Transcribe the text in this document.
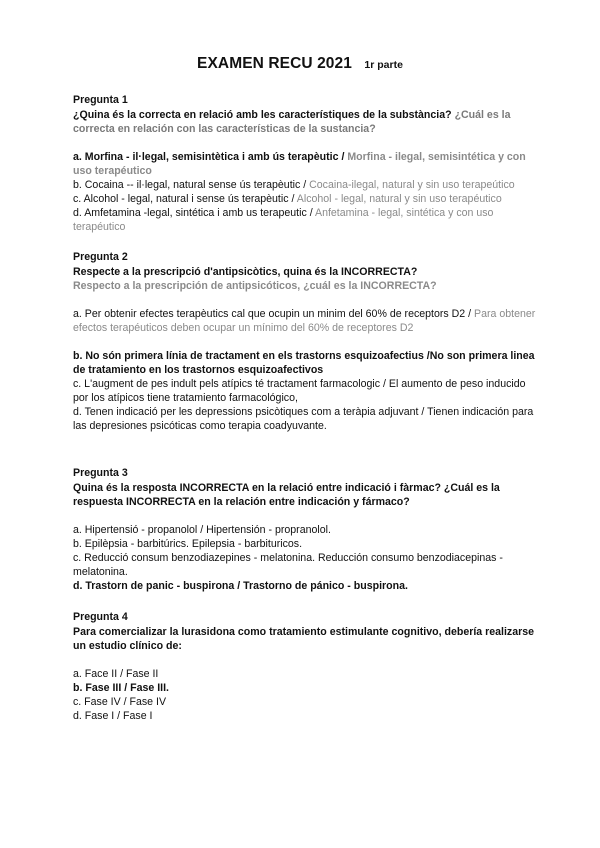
EXAMEN RECU 2021 1r parte

Pregunta 1

¿Quina és la correcta en relació amb les característiques de la substància? ¿Cuál es la correcta en relación con las características de la sustancia?

a. Morfina - il·legal, semisintètica i amb ús terapèutic / Morfina - ilegal, semisintética y con uso terapéutico

b. Cocaina -- il·legal, natural sense ús terapèutic / Cocaina-ilegal, natural y sin uso terapeútico

c. Alcohol - legal, natural i sense ús terapèutic / Alcohol - legal, natural y sin uso terapéutico

d. Amfetamina -legal, sintética i amb us terapeutic / Anfetamina - legal, sintética y con uso terapéutico

Pregunta 2

Respecte a la prescripció d'antipsicòtics, quina és la INCORRECTA?

Respecto a la prescripción de antipsicóticos, ¿cuál es la INCORRECTA?

a. Per obtenir efectes terapèutics cal que ocupin un minim del 60% de receptors D2 / Para obtener efectos terapéuticos deben ocupar un mínimo del 60% de receptores D2

b. No són primera línia de tractament en els trastorns esquizoafectius /No son primera linea de tratamiento en los trastornos esquizoafectivos

c. L'augment de pes indult pels atípics té tractament farmacologic / El aumento de peso inducido por los atípicos tiene tratamiento farmacológico,

d. Tenen indicació per les depressions psicòtiques com a teràpia adjuvant / Tienen indicación para las depresiones psicóticas como terapia coadyuvante.

Pregunta 3

Quina és la resposta INCORRECTA en la relació entre indicació i fàrmac? ¿Cuál es la respuesta INCORRECTA en la relación entre indicación y fármaco?

a. Hipertensió - propanolol / Hipertensión - propranolol.

b. Epilèpsia - barbitúrics. Epilepsia - barbituricos.

c. Reducció consum benzodiazepines - melatonina. Reducción consumo benzodiacepinas - melatonina.

d. Trastorn de panic - buspirona / Trastorno de pánico - buspirona.

Pregunta 4

Para comercializar la lurasidona como tratamiento estimulante cognitivo, debería realizarse un estudio clínico de:

a. Face II / Fase II

b. Fase III / Fase III.

c. Fase IV / Fase IV

d. Fase I / Fase I
